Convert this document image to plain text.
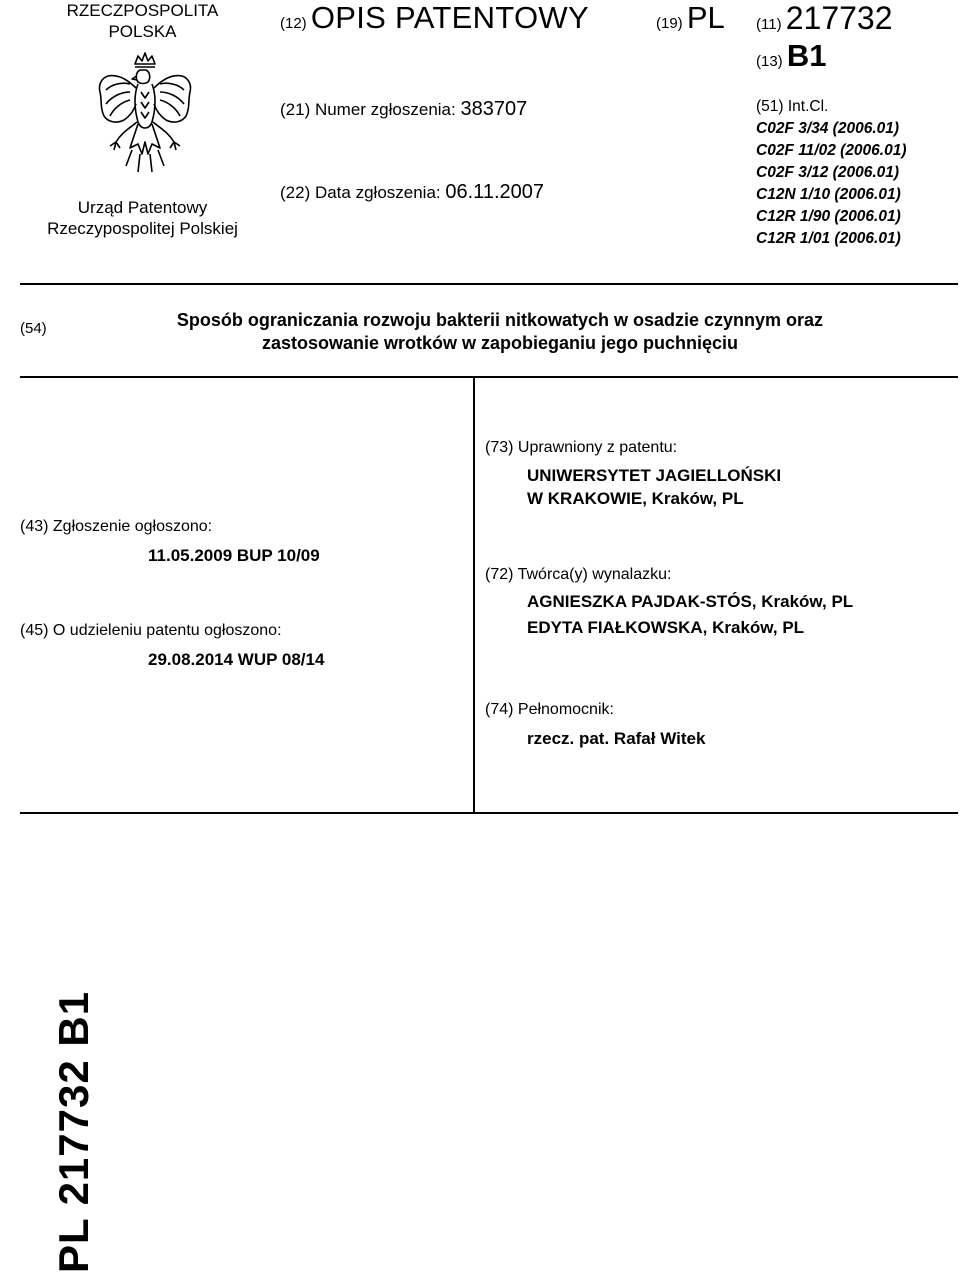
RZECZPOSPOLITA
POLSKA
Urząd Patentowy
Rzeczypospolitej Polskiej
(12) OPIS PATENTOWY	(19) PL (11) 217732
(13) B1
(21) Numer zgłoszenia: 383707
(22) Data zgłoszenia: 06.11.2007
(51) Int.Cl.
C02F 3/34 (2006.01)
C02F 11/02 (2006.01)
C02F 3/12 (2006.01)
C12N 1/10 (2006.01)
C12R 1/90 (2006.01)
C12R 1/01 (2006.01)
(54)	Sposób ograniczania rozwoju bakterii nitkowatych w osadzie czynnym oraz
zastosowanie wrotków w zapobieganiu jego puchnięciu
(43) Zgłoszenie ogłoszono:
11.05.2009 BUP 10/09
(45) O udzieleniu patentu ogłoszono:
29.08.2014 WUP 08/14
(73) Uprawniony z patentu:
UNIWERSYTET JAGIELLOŃSKI
W KRAKOWIE, Kraków, PL
(72) Twórca(y) wynalazku:
AGNIESZKA PAJDAK-STÓS, Kraków, PL
EDYTA FIAŁKOWSKA, Kraków, PL
(74) Pełnomocnik:
rzecz. pat. Rafał Witek
PL 217732 B1
